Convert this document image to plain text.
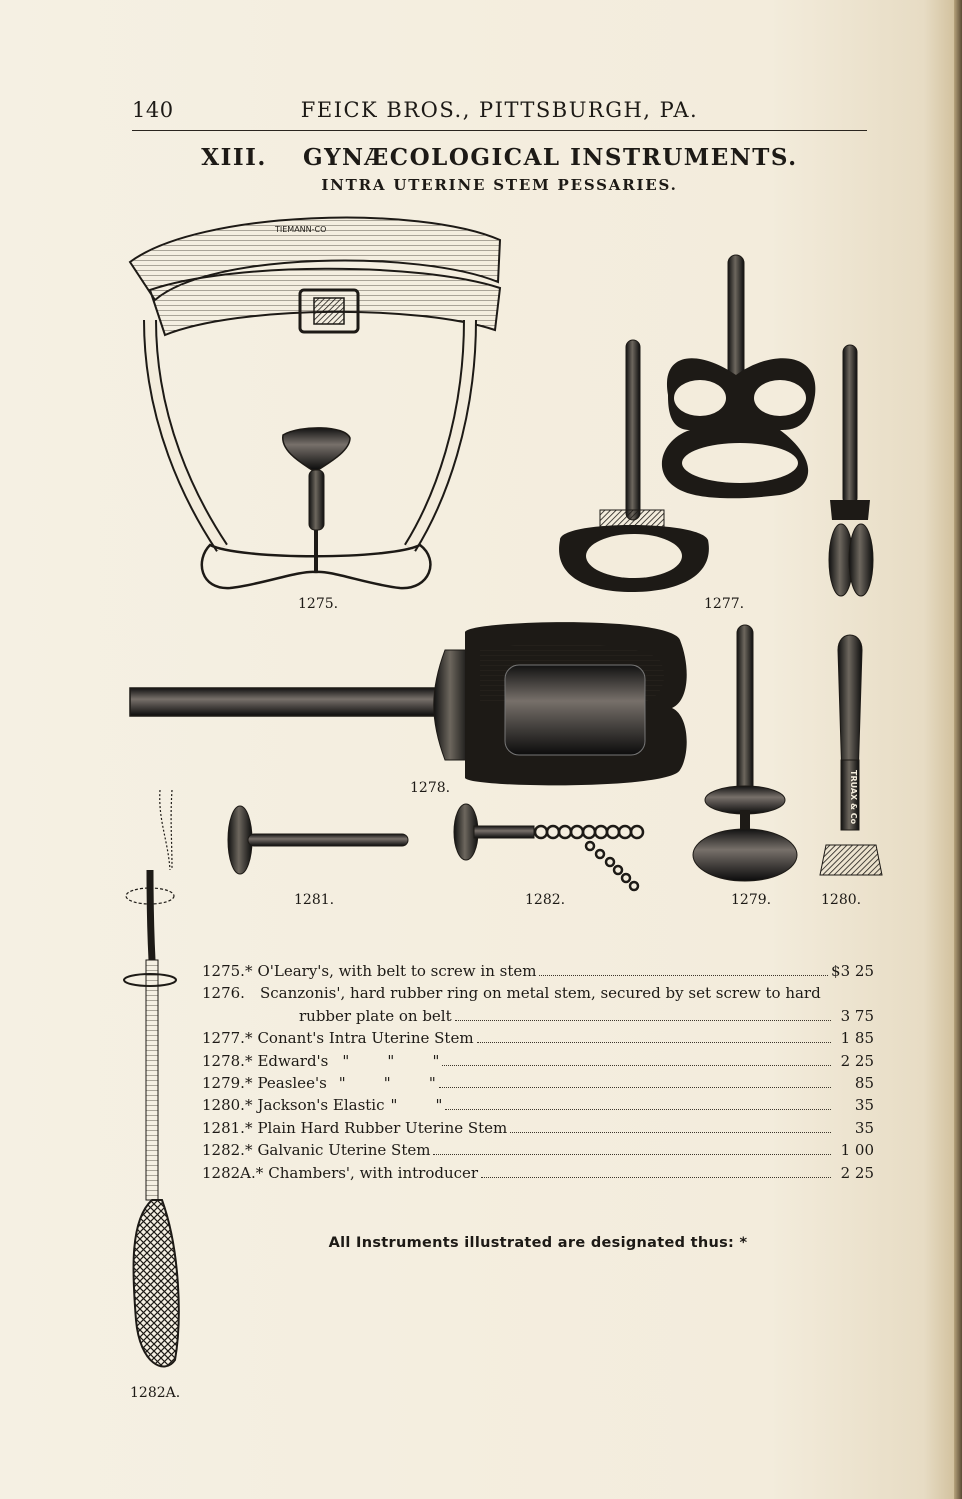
140	FEICK BROS., PITTSBURGH, PA.
XIII. GYNÆCOLOGICAL INSTRUMENTS.
INTRA UTERINE STEM PESSARIES.
TIEMANN-CO
TRUAX & Co
1275.	1277.
1278.
1281.	1282.	1279.	1280.
1282A.
1275.* O'Leary's, with belt to screw in stem	$3 25
1276.	Scanzonis', hard rubber ring on metal stem, secured by set screw to hard
rubber plate on belt	3 75
1277.* Conant's Intra Uterine Stem	1 85
1278.* Edward's "        "        "	2 25
1279.* Peaslee's "        "        "	85
1280.* Jackson's Elastic "        "	35
1281.* Plain Hard Rubber Uterine Stem	35
1282.* Galvanic Uterine Stem	1 00
1282A.* Chambers', with introducer	2 25
All Instruments illustrated are designated thus: *
